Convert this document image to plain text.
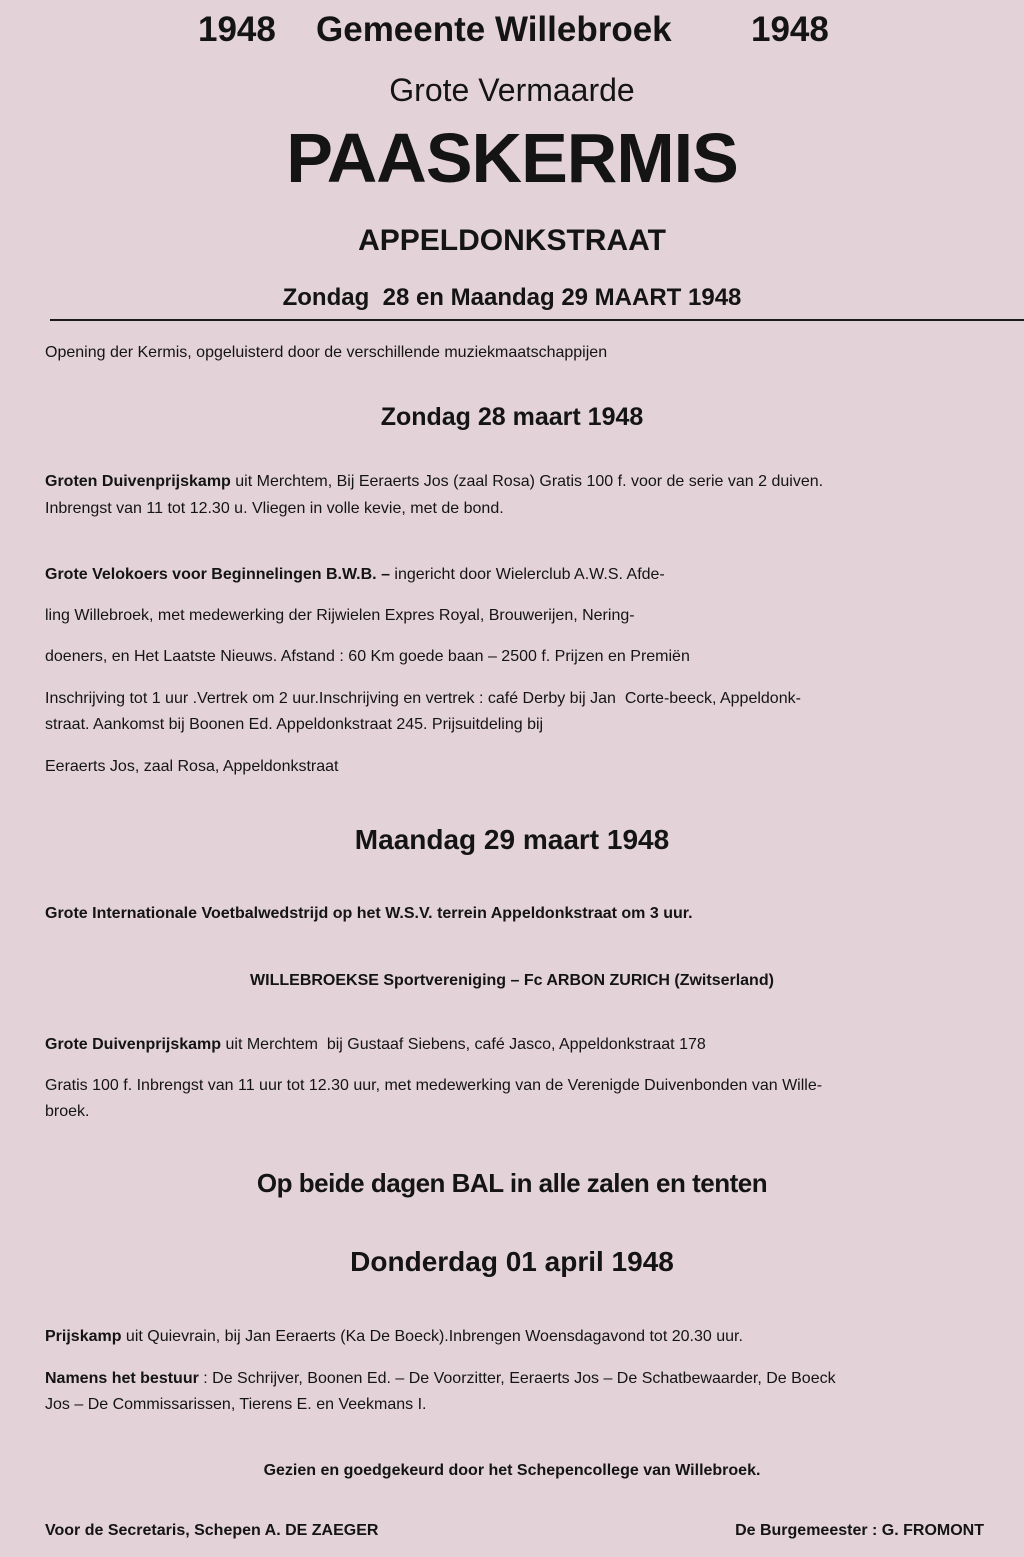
1948 Gemeente Willebroek 1948
Grote Vermaarde
PAASKERMIS
APPELDONKSTRAAT
Zondag  28 en Maandag 29 MAART 1948
Opening der Kermis, opgeluisterd door de verschillende muziekmaatschappijen
Zondag 28 maart 1948
Groten Duivenprijskamp uit Merchtem, Bij Eeraerts Jos (zaal Rosa) Gratis 100 f. voor de serie van 2 duiven.
Inbrengst van 11 tot 12.30 u. Vliegen in volle kevie, met de bond.
Grote Velokoers voor Beginnelingen B.W.B. – ingericht door Wielerclub A.W.S. Afde-
ling Willebroek, met medewerking der Rijwielen Expres Royal, Brouwerijen, Nering-
doeners, en Het Laatste Nieuws. Afstand : 60 Km goede baan – 2500 f. Prijzen en Premiën
Inschrijving tot 1 uur .Vertrek om 2 uur.Inschrijving en vertrek : café Derby bij Jan  Corte-beeck, Appeldonk-
straat. Aankomst bij Boonen Ed. Appeldonkstraat 245. Prijsuitdeling bij
Eeraerts Jos, zaal Rosa, Appeldonkstraat
Maandag 29 maart 1948
Grote Internationale Voetbalwedstrijd op het W.S.V. terrein Appeldonkstraat om 3 uur.
WILLEBROEKSE Sportvereniging – Fc ARBON ZURICH (Zwitserland)
Grote Duivenprijskamp uit Merchtem  bij Gustaaf Siebens, café Jasco, Appeldonkstraat 178
Gratis 100 f. Inbrengst van 11 uur tot 12.30 uur, met medewerking van de Verenigde Duivenbonden van Wille-
broek.
Op beide dagen BAL in alle zalen en tenten
Donderdag 01 april 1948
Prijskamp uit Quievrain, bij Jan Eeraerts (Ka De Boeck).Inbrengen Woensdagavond tot 20.30 uur.
Namens het bestuur : De Schrijver, Boonen Ed. – De Voorzitter, Eeraerts Jos – De Schatbewaarder, De Boeck
Jos – De Commissarissen, Tierens E. en Veekmans I.
Gezien en goedgekeurd door het Schepencollege van Willebroek.
Voor de Secretaris, Schepen A. DE ZAEGER	De Burgemeester : G. FROMONT
